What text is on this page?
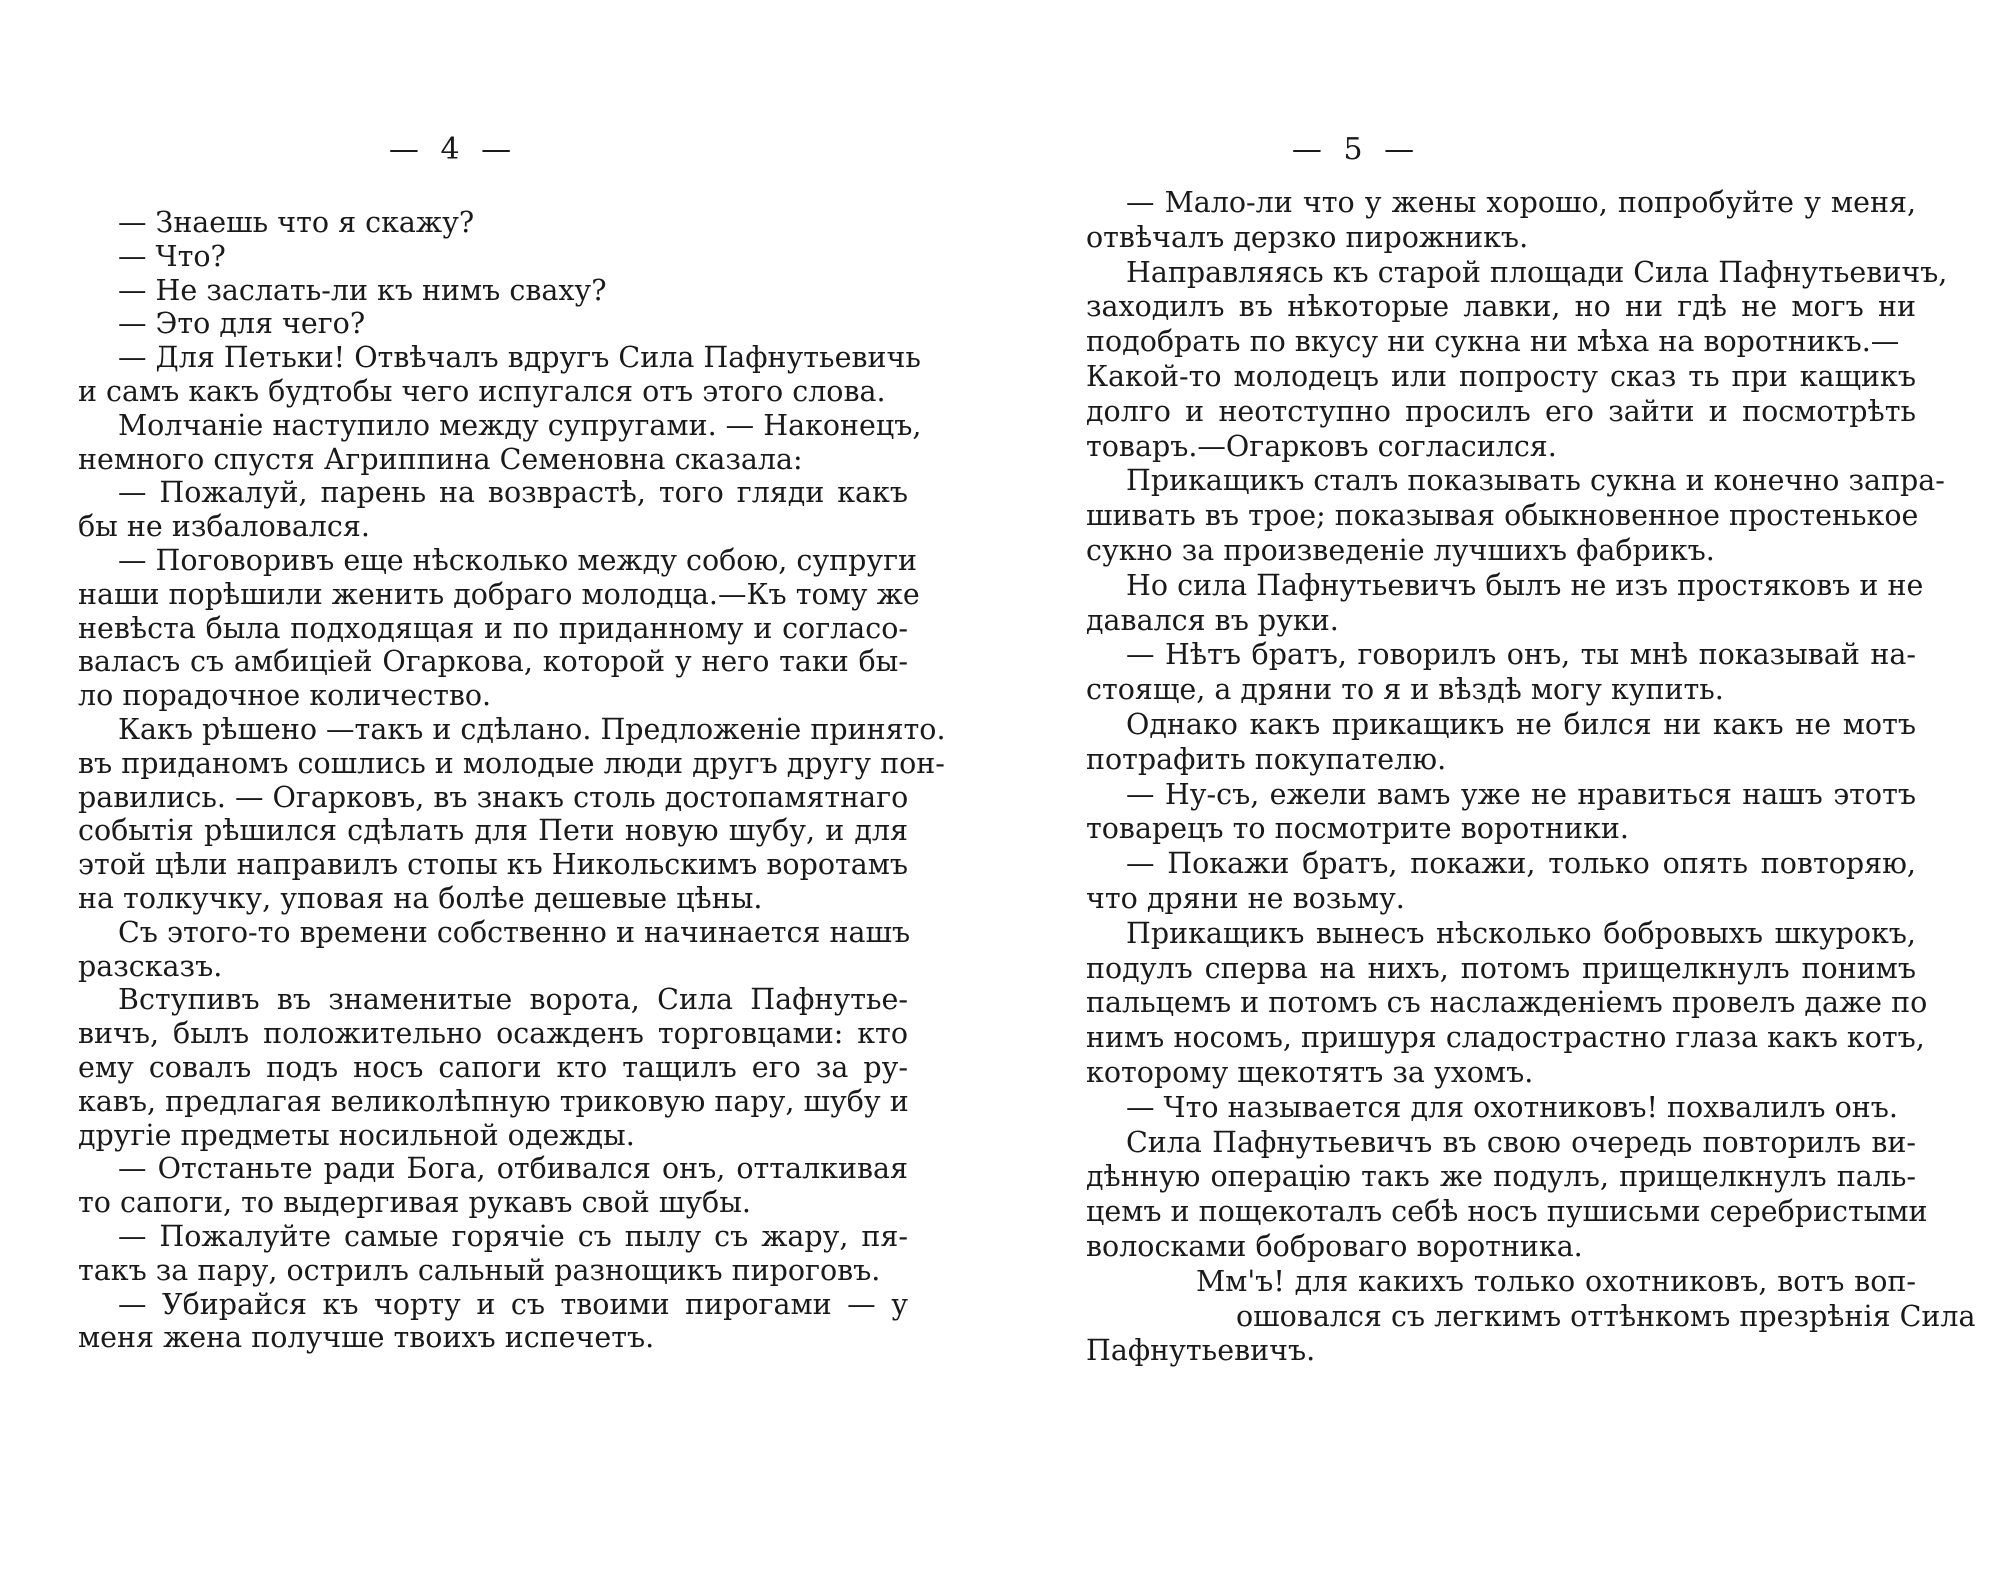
— 4 —
— Знаешь что я скажу?
— Что?
— Не заслать-ли къ нимъ сваху?
— Это для чего?
— Для Петьки! Отвѣчалъ вдругъ Сила Пафнутьевичь
и самъ какъ будтобы чего испугался отъ этого слова.
Молчаніе наступило между супругами. — Наконецъ,
немного спустя Агриппина Семеновна сказала:
— Пожалуй, парень на возврастѣ, того гляди какъ
бы не избаловался.
— Поговоривъ еще нѣсколько между собою, супруги
наши порѣшили женить добраго молодца.—Къ тому же
невѣста была подходящая и по приданному и согласо-
валасъ съ амбиціей Огаркова, которой у него таки бы-
ло порадочное количество.
Какъ рѣшено —такъ и сдѣлано. Предложеніе принято.
въ приданомъ сошлись и молодые люди другъ другу пон-
равились. — Огарковъ, въ знакъ столь достопамятнаго
событія рѣшился сдѣлать для Пети новую шубу, и для
этой цѣли направилъ стопы къ Никольскимъ воротамъ
на толкучку, уповая на болѣе дешевые цѣны.
Съ этого-то времени собственно и начинается нашъ
разсказъ.
Вступивъ въ знаменитые ворота, Сила Пафнутье-
вичъ, былъ положительно осажденъ торговцами: кто
ему совалъ подъ носъ сапоги кто тащилъ его за ру-
кавъ, предлагая великолѣпную триковую пару, шубу и
другіе предметы носильной одежды.
— Отстаньте ради Бога, отбивался онъ, отталкивая
то сапоги, то выдергивая рукавъ свой шубы.
— Пожалуйте самые горячіе съ пылу съ жару, пя-
такъ за пару, острилъ сальный разнощикъ пироговъ.
— Убирайся къ чорту и съ твоими пирогами — у
меня жена получше твоихъ испечетъ.
— 5 —
— Мало-ли что у жены хорошо, попробуйте у меня,
отвѣчалъ дерзко пирожникъ.
Направляясь къ старой площади Сила Пафнутьевичъ,
заходилъ въ нѣкоторые лавки, но ни гдѣ не могъ ни
подобрать по вкусу ни сукна ни мѣха на воротникъ.—
Какой-то молодецъ или попросту сказ ть при кащикъ
долго и неотступно просилъ его зайти и посмотрѣть
товаръ.—Огарковъ согласился.
Прикащикъ сталъ показывать сукна и конечно запра-
шивать въ трое; показывая обыкновенное простенькое
сукно за произведеніе лучшихъ фабрикъ.
Но сила Пафнутьевичъ былъ не изъ простяковъ и не
давался въ руки.
— Нѣтъ братъ, говорилъ онъ, ты мнѣ показывай на-
стояще, а дряни то я и вѣздѣ могу купить.
Однако какъ прикащикъ не бился ни какъ не мотъ
потрафить покупателю.
— Ну-съ, ежели вамъ уже не нравиться нашъ этотъ
товарецъ то посмотрите воротники.
— Покажи братъ, покажи, только опять повторяю,
что дряни не возьму.
Прикащикъ вынесъ нѣсколько бобровыхъ шкурокъ,
подулъ сперва на нихъ, потомъ прищелкнулъ понимъ
пальцемъ и потомъ съ наслажденіемъ провелъ даже по
нимъ носомъ, пришуря сладострастно глаза какъ котъ,
которому щекотятъ за ухомъ.
— Что называется для охотниковъ! похвалилъ онъ.
Сила Пафнутьевичъ въ свою очередь повторилъ ви-
дѣнную операцію такъ же подулъ, прищелкнулъ паль-
цемъ и пощекоталъ себѣ носъ пушисьми серебристыми
волосками бобровaго воротника.
Мм'ъ! для какихъ только охотниковъ, вотъ воп-
ошовался съ легкимъ оттѣнкомъ презрѣнія Сила
Пафнутьевичъ.
